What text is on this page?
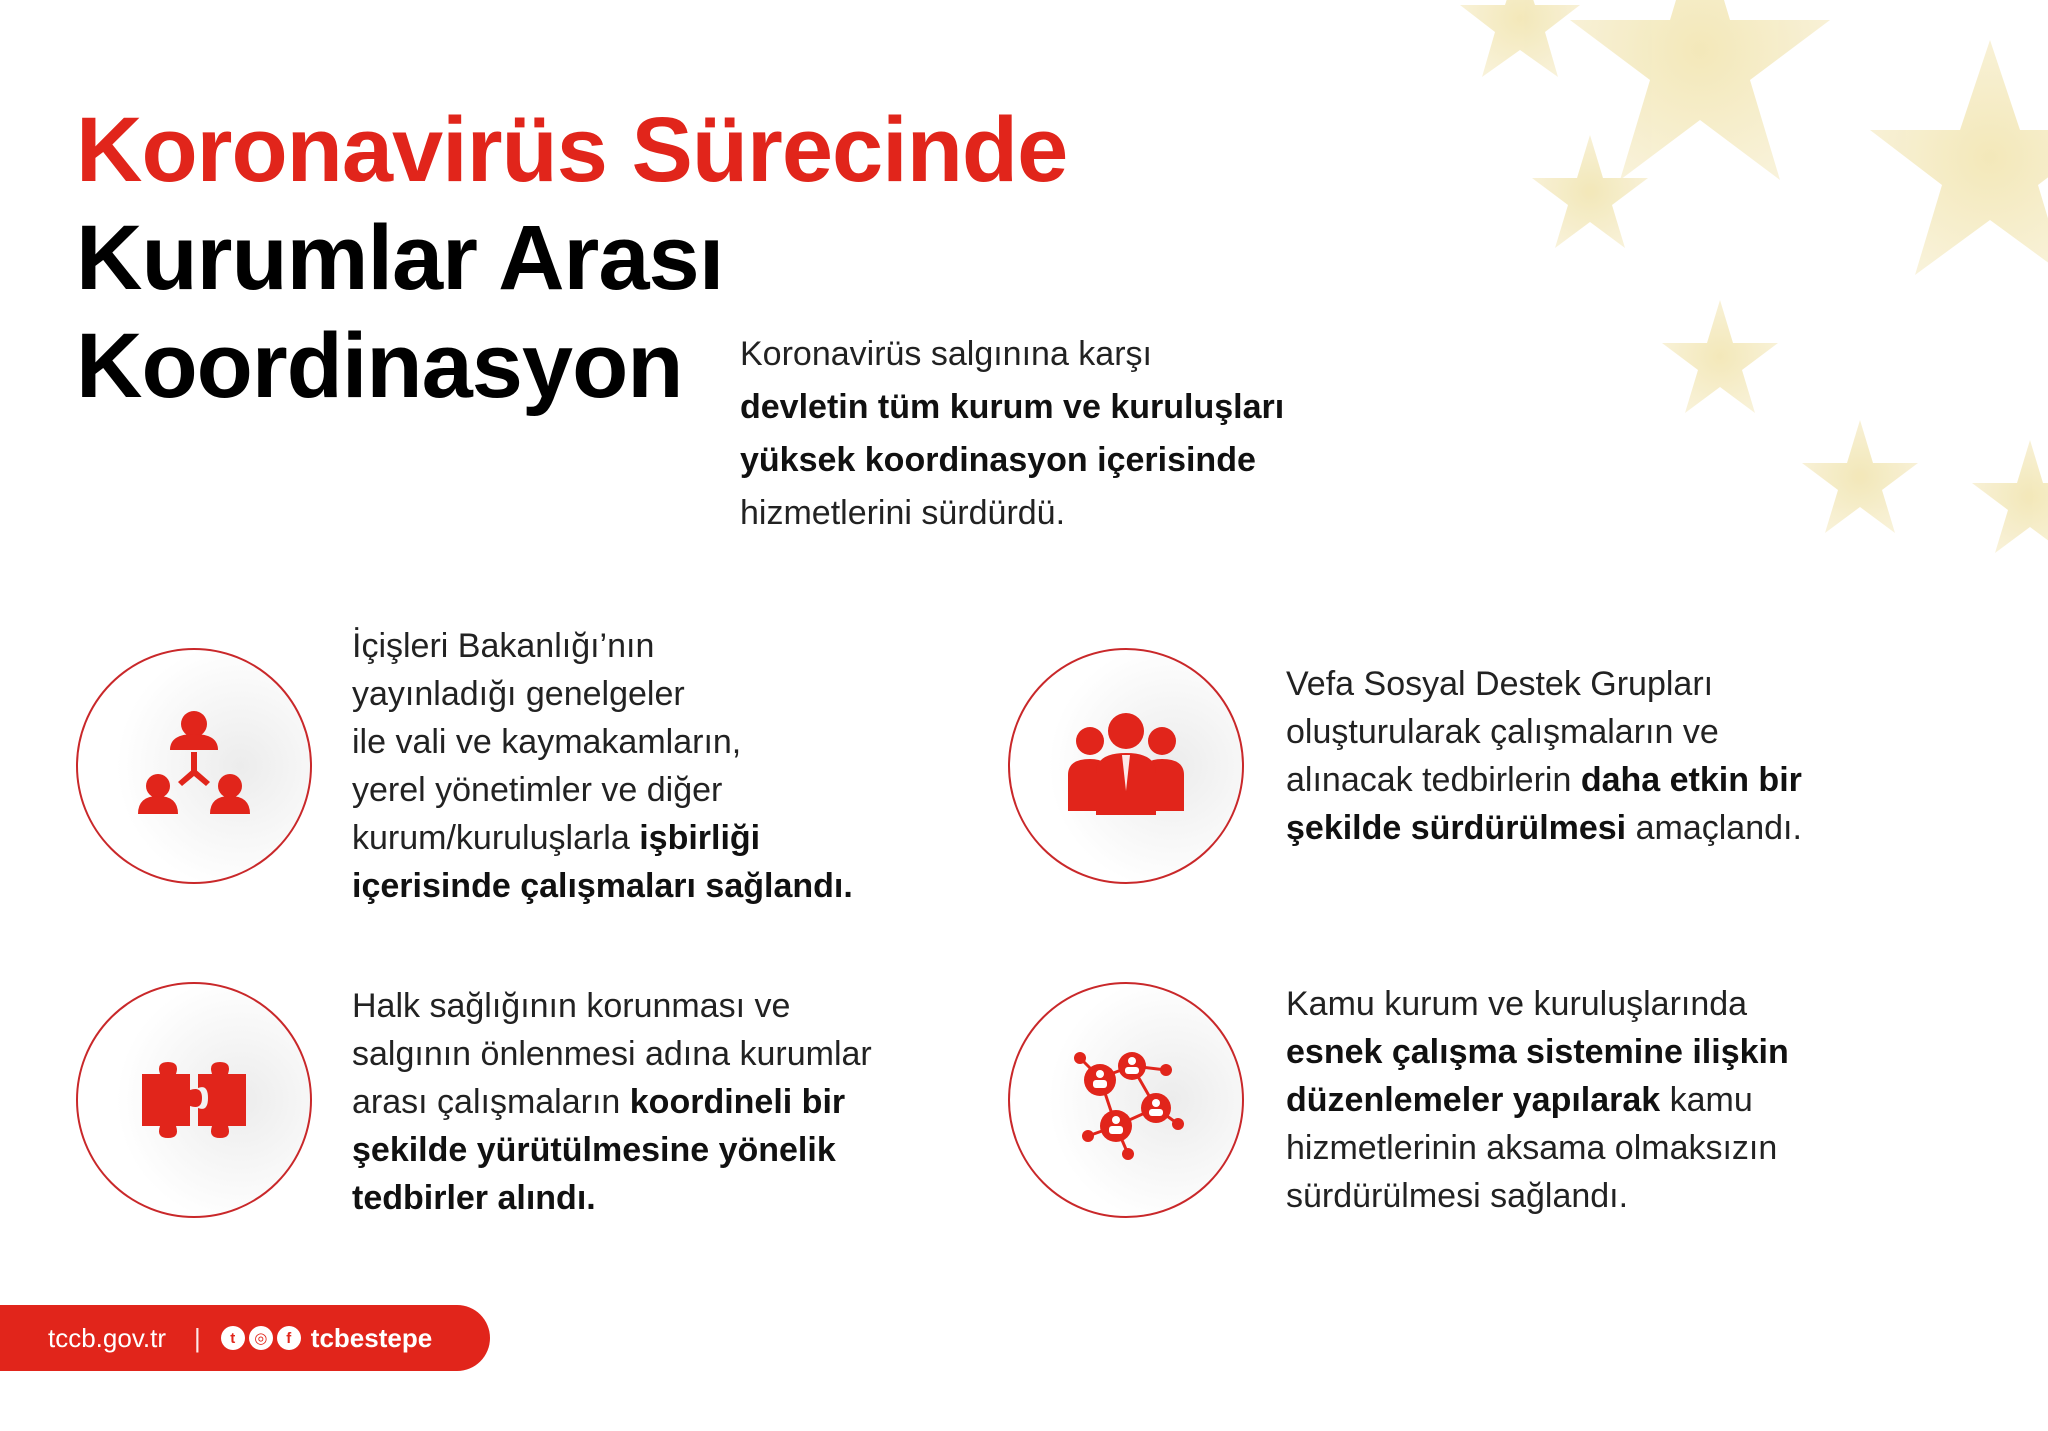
Koronavirüs Sürecinde
Kurumlar Arası
Koordinasyon	Koronavirüs salgınına karşı
devletin tüm kurum ve kuruluşları
yüksek koordinasyon içerisinde
hizmetlerini sürdürdü.
İçişleri Bakanlığı’nın
yayınladığı genelgeler
ile vali ve kaymakamların,
yerel yönetimler ve diğer
kurum/kuruluşlarla işbirliği
içerisinde çalışmaları sağlandı.
Vefa Sosyal Destek Grupları
oluşturularak çalışmaların ve
alınacak tedbirlerin daha etkin bir
şekilde sürdürülmesi amaçlandı.
Halk sağlığının korunması ve
salgının önlenmesi adına kurumlar
arası çalışmaların koordineli bir
şekilde yürütülmesine yönelik
tedbirler alındı.
Kamu kurum ve kuruluşlarında
esnek çalışma sistemine ilişkin
düzenlemeler yapılarak kamu
hizmetlerinin aksama olmaksızın
sürdürülmesi sağlandı.
tccb.gov.tr |	t	◎	f tcbestepe
